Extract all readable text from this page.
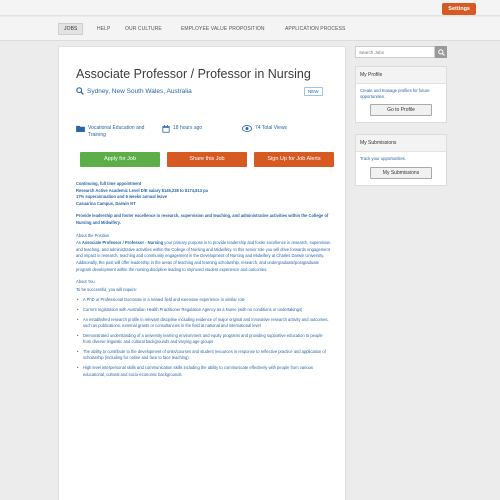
Settings
JOBS	HELP	OUR CULTURE	EMPLOYEE VALUE PROPOSITION	APPLICATION PROCESS
Associate Professor / Professor in Nursing
Sydney, New South Wales, Australia	NEW
Vocational Education and Training
18 hours ago	74 Total Views
Apply for Job	Share this Job	Sign Up for Job Alerts

Continuing, full time appointment
Research Active Academic Level D/E salary $145,238 to $174,813 pa
17% superannuation and 6 weeks annual leave
Casuarina Campus, Darwin NT

Provide leadership and foster excellence in research, supervision and teaching, and administrative activities within the College of Nursing and Midwifery.

About the Position

As Associate Professor / Professor - Nursing your primary purpose is to provide leadership and foster excellence in research, supervision and teaching, and administrative activities within the College of Nursing and Midwifery. In this senior role you will drive forwards engagement and impact in research, teaching and community engagement in the Development of Nursing and Midwifery at Charles Darwin University. Additionally, the post will offer leadership in the areas of teaching and learning scholarship, research, and undergraduate/postgraduate program development within the nursing discipline leading to improved student experience and outcomes.

About You
To be successful, you will require:
• A PhD or Professional Doctorate in a related field and extensive experience in similar role
• Current registration with Australian Health Practitioner Regulation Agency as a Nurse (with no conditions or undertakings)
• An established research profile in relevant discipline including evidence of major original and innovative research activity and outcomes, such as publications, external grants or consultancies in the field at national and international level
• Demonstrated understanding of a university learning environment and equity programs and providing supportive education to people from diverse linguistic and cultural backgrounds and varying age groups
• The ability to contribute to the development of units/courses and student resources in response to reflective practice and application of scholarship (including for online and face to face teaching).
• High level interpersonal skills and communication skills including the ability to communicate effectively with people from various educational, cultural and socio-economic backgrounds
Search Jobs
My Profile
Create and manage profiles for future opportunities.
Go to Profile
My Submissions
Track your opportunities.
My Submissions
